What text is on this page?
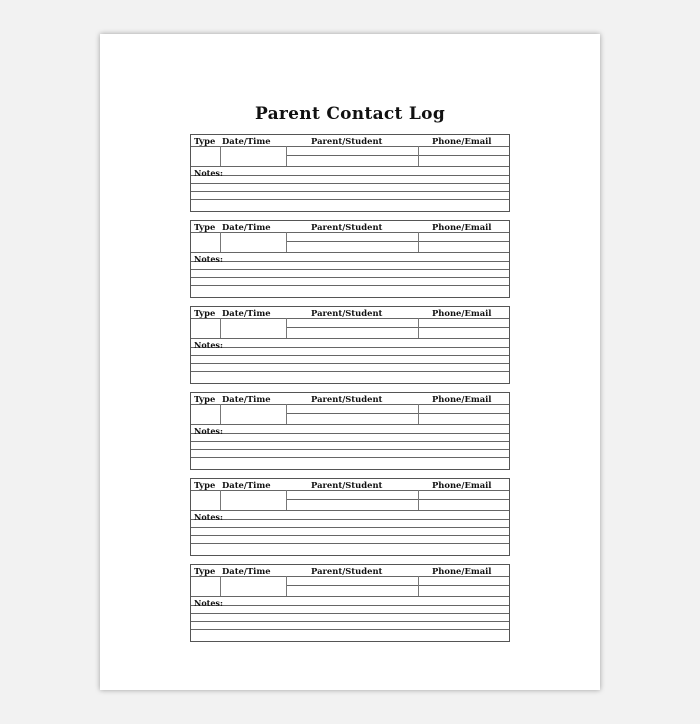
Parent Contact Log
Type Date/Time	Parent/Student	Phone/Email
Notes:
Type Date/Time	Parent/Student	Phone/Email
Notes:
Type Date/Time	Parent/Student	Phone/Email
Notes:
Type Date/Time	Parent/Student	Phone/Email
Notes:
Type Date/Time	Parent/Student	Phone/Email
Notes:
Type Date/Time	Parent/Student	Phone/Email
Notes:
